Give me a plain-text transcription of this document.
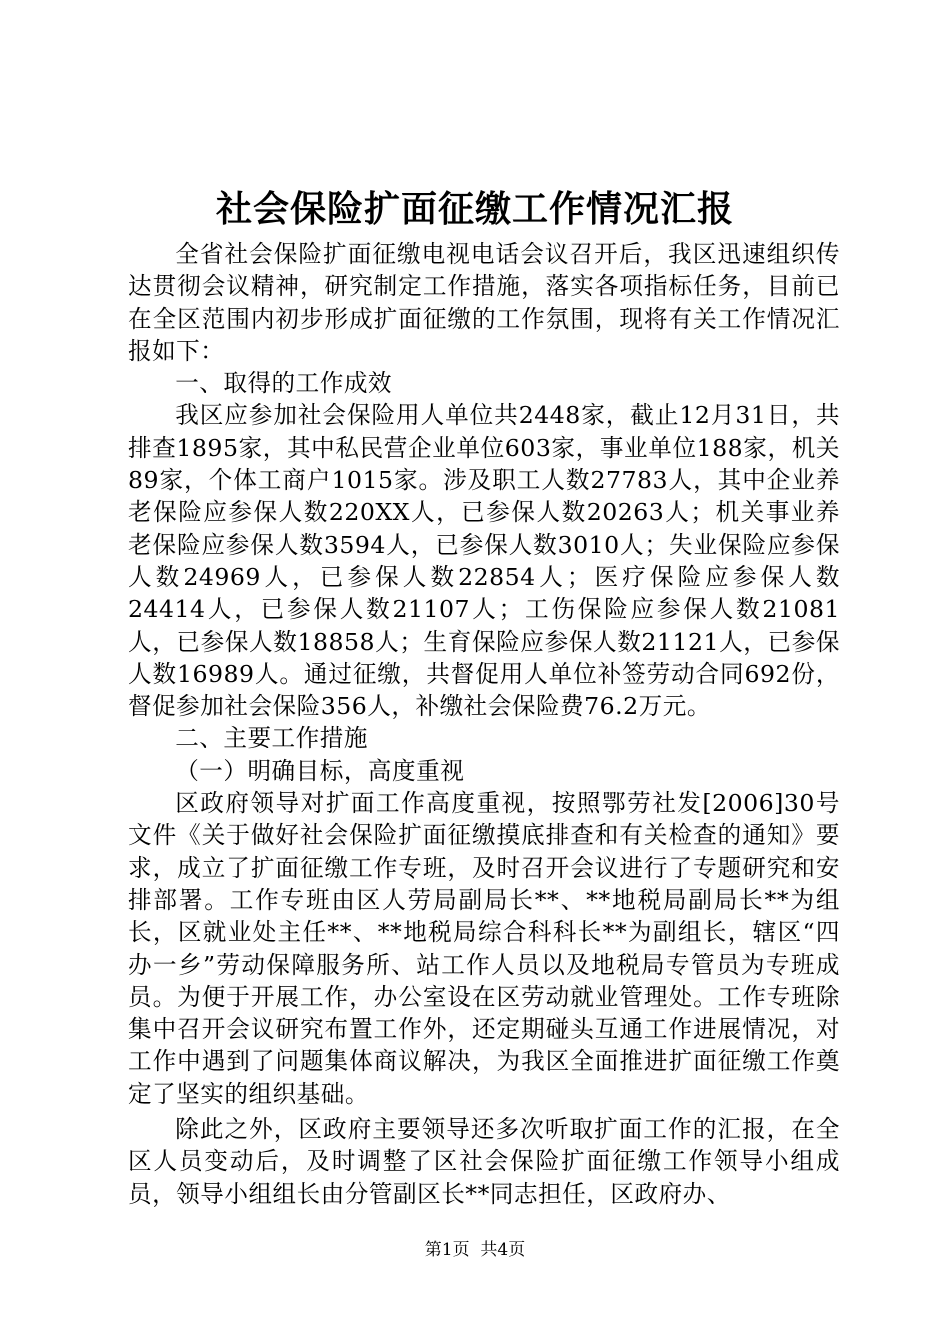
社会保险扩面征缴工作情况汇报

全省社会保险扩面征缴电视电话会议召开后，我区迅速组织传达贯彻会议精神，研究制定工作措施，落实各项指标任务，目前已在全区范围内初步形成扩面征缴的工作氛围，现将有关工作情况汇报如下：

一、取得的工作成效

我区应参加社会保险用人单位共2448家，截止12月31日，共排查1895家，其中私民营企业单位603家，事业单位188家，机关89家，个体工商户1015家。涉及职工人数27783人，其中企业养老保险应参保人数220XX人，已参保人数20263人；机关事业养老保险应参保人数3594人，已参保人数3010人；失业保险应参保人数24969人，已参保人数22854人；医疗保险应参保人数24414人，已参保人数21107人；工伤保险应参保人数21081人，已参保人数18858人；生育保险应参保人数21121人，已参保人数16989人。通过征缴，共督促用人单位补签劳动合同692份，督促参加社会保险356人，补缴社会保险费76.2万元。

二、主要工作措施

（一）明确目标，高度重视

区政府领导对扩面工作高度重视，按照鄂劳社发[2006]30号文件《关于做好社会保险扩面征缴摸底排查和有关检查的通知》要求，成立了扩面征缴工作专班，及时召开会议进行了专题研究和安排部署。工作专班由区人劳局副局长**、**地税局副局长**为组长，区就业处主任**、**地税局综合科科长**为副组长，辖区“四办一乡”劳动保障服务所、站工作人员以及地税局专管员为专班成员。为便于开展工作，办公室设在区劳动就业管理处。工作专班除集中召开会议研究布置工作外，还定期碰头互通工作进展情况，对工作中遇到了问题集体商议解决，为我区全面推进扩面征缴工作奠定了坚实的组织基础。

除此之外，区政府主要领导还多次听取扩面工作的汇报，在全区人员变动后，及时调整了区社会保险扩面征缴工作领导小组成员，领导小组组长由分管副区长**同志担任，区政府办、

第1页 共4页
